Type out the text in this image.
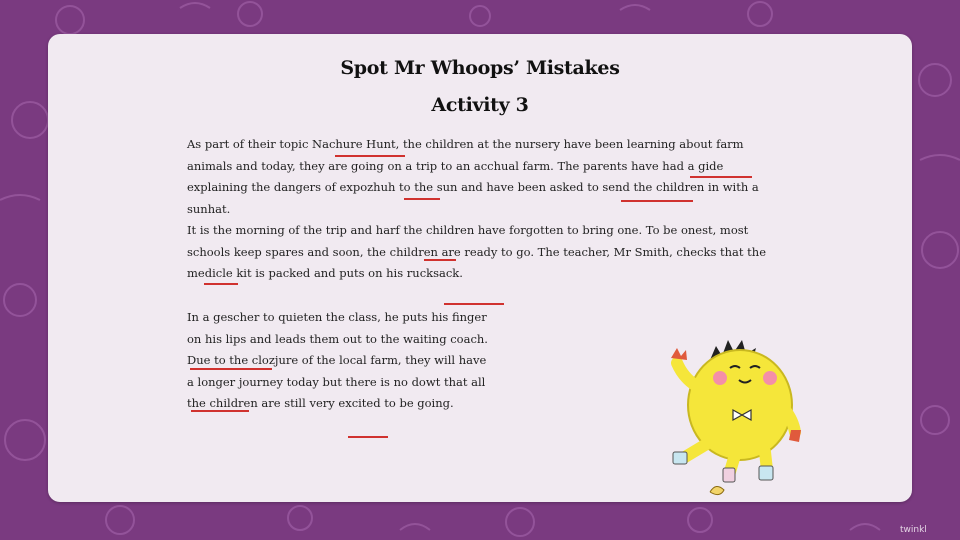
Spot Mr Whoops’ Mistakes
Activity 3

As part of their topic Nachure Hunt, the children at the nursery have been learning about farm animals and today, they are going on a trip to an acchual farm. The parents have had a gide explaining the dangers of expozhuh to the sun and have been asked to send the children in with a sunhat.

It is the morning of the trip and harf the children have forgotten to bring one. To be onest, most schools keep spares and soon, the children are ready to go. The teacher, Mr Smith, checks that the medicle kit is packed and puts on his rucksack.

In a gescher to quieten the class, he puts his finger on his lips and leads them out to the waiting coach. Due to the clozjure of the local farm, they will have a longer journey today but there is no dowt that all the children are still very excited to be going.

twinkl
